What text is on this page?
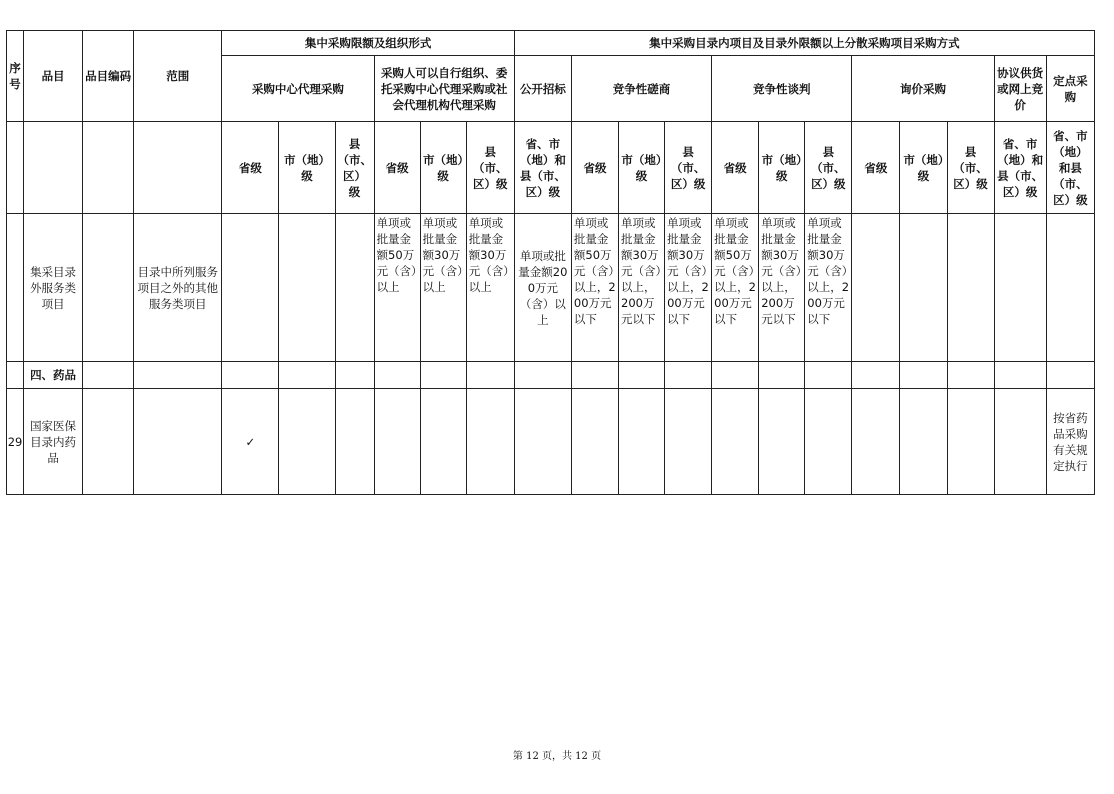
序号	品目	品目编码	范围	集中采购限额及组织形式						集中采购目录内项目及目录外限额以上分散采购项目采购方式											
				采购中心代理采购			采购人可以自行组织、委托采购中心代理采购或社会代理机构代理采购			公开招标	竞争性磋商			竞争性谈判			询价采购			协议供货或网上竞价	定点采购
				省级	市（地）级	县（市、区）级	省级	市（地）级	县（市、区）级	省、市（地）和县（市、区）级	省级	市（地）级	县（市、区）级	省级	市（地）级	县（市、区）级	省级	市（地）级	县（市、区）级	省、市（地）和县（市、区）级	省、市（地）和县（市、区）级
	集采目录外服务类项目		目录中所列服务项目之外的其他服务类项目				单项或批量金额50万元（含）以上	单项或批量金额30万元（含）以上	单项或批量金额30万元（含）以上	单项或批量金额200万元（含）以上	单项或批量金额50万元（含）以上，200万元以下	单项或批量金额30万元（含）以上，200万元以下	单项或批量金额30万元（含）以上，200万元以下	单项或批量金额50万元（含）以上，200万元以下	单项或批量金额30万元（含）以上，200万元以下	单项或批量金额30万元（含）以上，200万元以下					
	四、药品																				
29	国家医保目录内药品			✓																	按省药品采购有关规定执行
第 12 页，共 12 页
